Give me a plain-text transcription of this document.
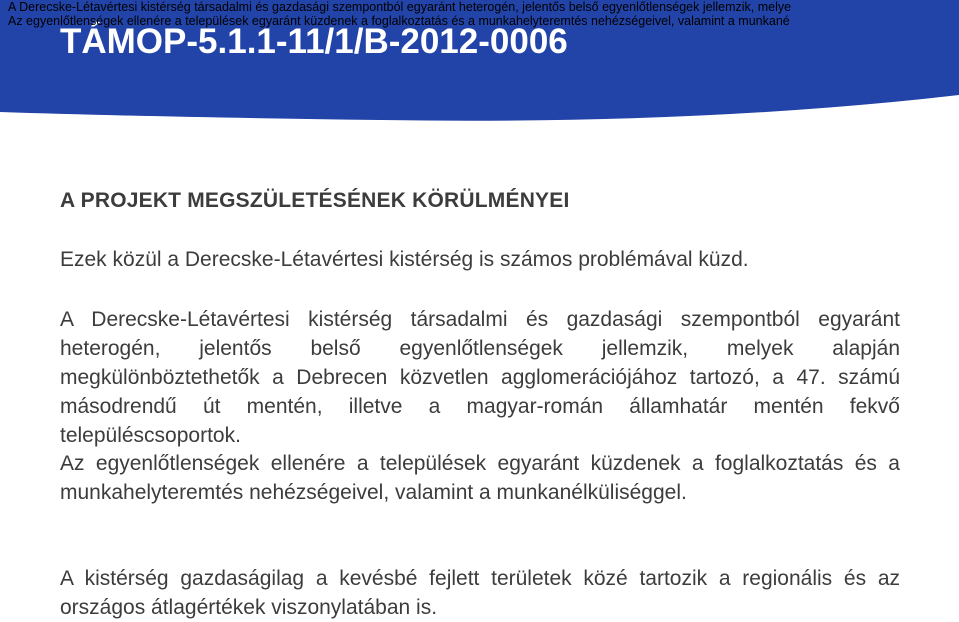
TÁMOP-5.1.1-11/1/B-2012-0006
A Derecske-Létavértesi kistérség társadalmi és gazdasági szempontból egyaránt heterogén, jelentős belső egyenlőtlenségek jellemzik, melye
Az egyenlőtlenségek ellenére a települések egyaránt küzdenek a foglalkoztatás és a munkahelyteremtés nehézségeivel, valamint a munkané
A PROJEKT MEGSZÜLETÉSÉNEK KÖRÜLMÉNYEI
Ezek közül a Derecske-Létavértesi kistérség is számos problémával küzd.

A Derecske-Létavértesi kistérség társadalmi és gazdasági szempontból egyaránt heterogén, jelentős belső egyenlőtlenségek jellemzik, melyek alapján megkülönböztethetők a Debrecen közvetlen agglomerációjához tartozó, a 47. számú másodrendű út mentén, illetve a magyar-román államhatár mentén fekvő településcsoportok.

Az egyenlőtlenségek ellenére a települések egyaránt küzdenek a foglalkoztatás és a munkahelyteremtés nehézségeivel, valamint a munkanélküliséggel.

A kistérség gazdaságilag a kevésbé fejlett területek közé tartozik a regionális és az országos átlagértékek viszonylatában is.
